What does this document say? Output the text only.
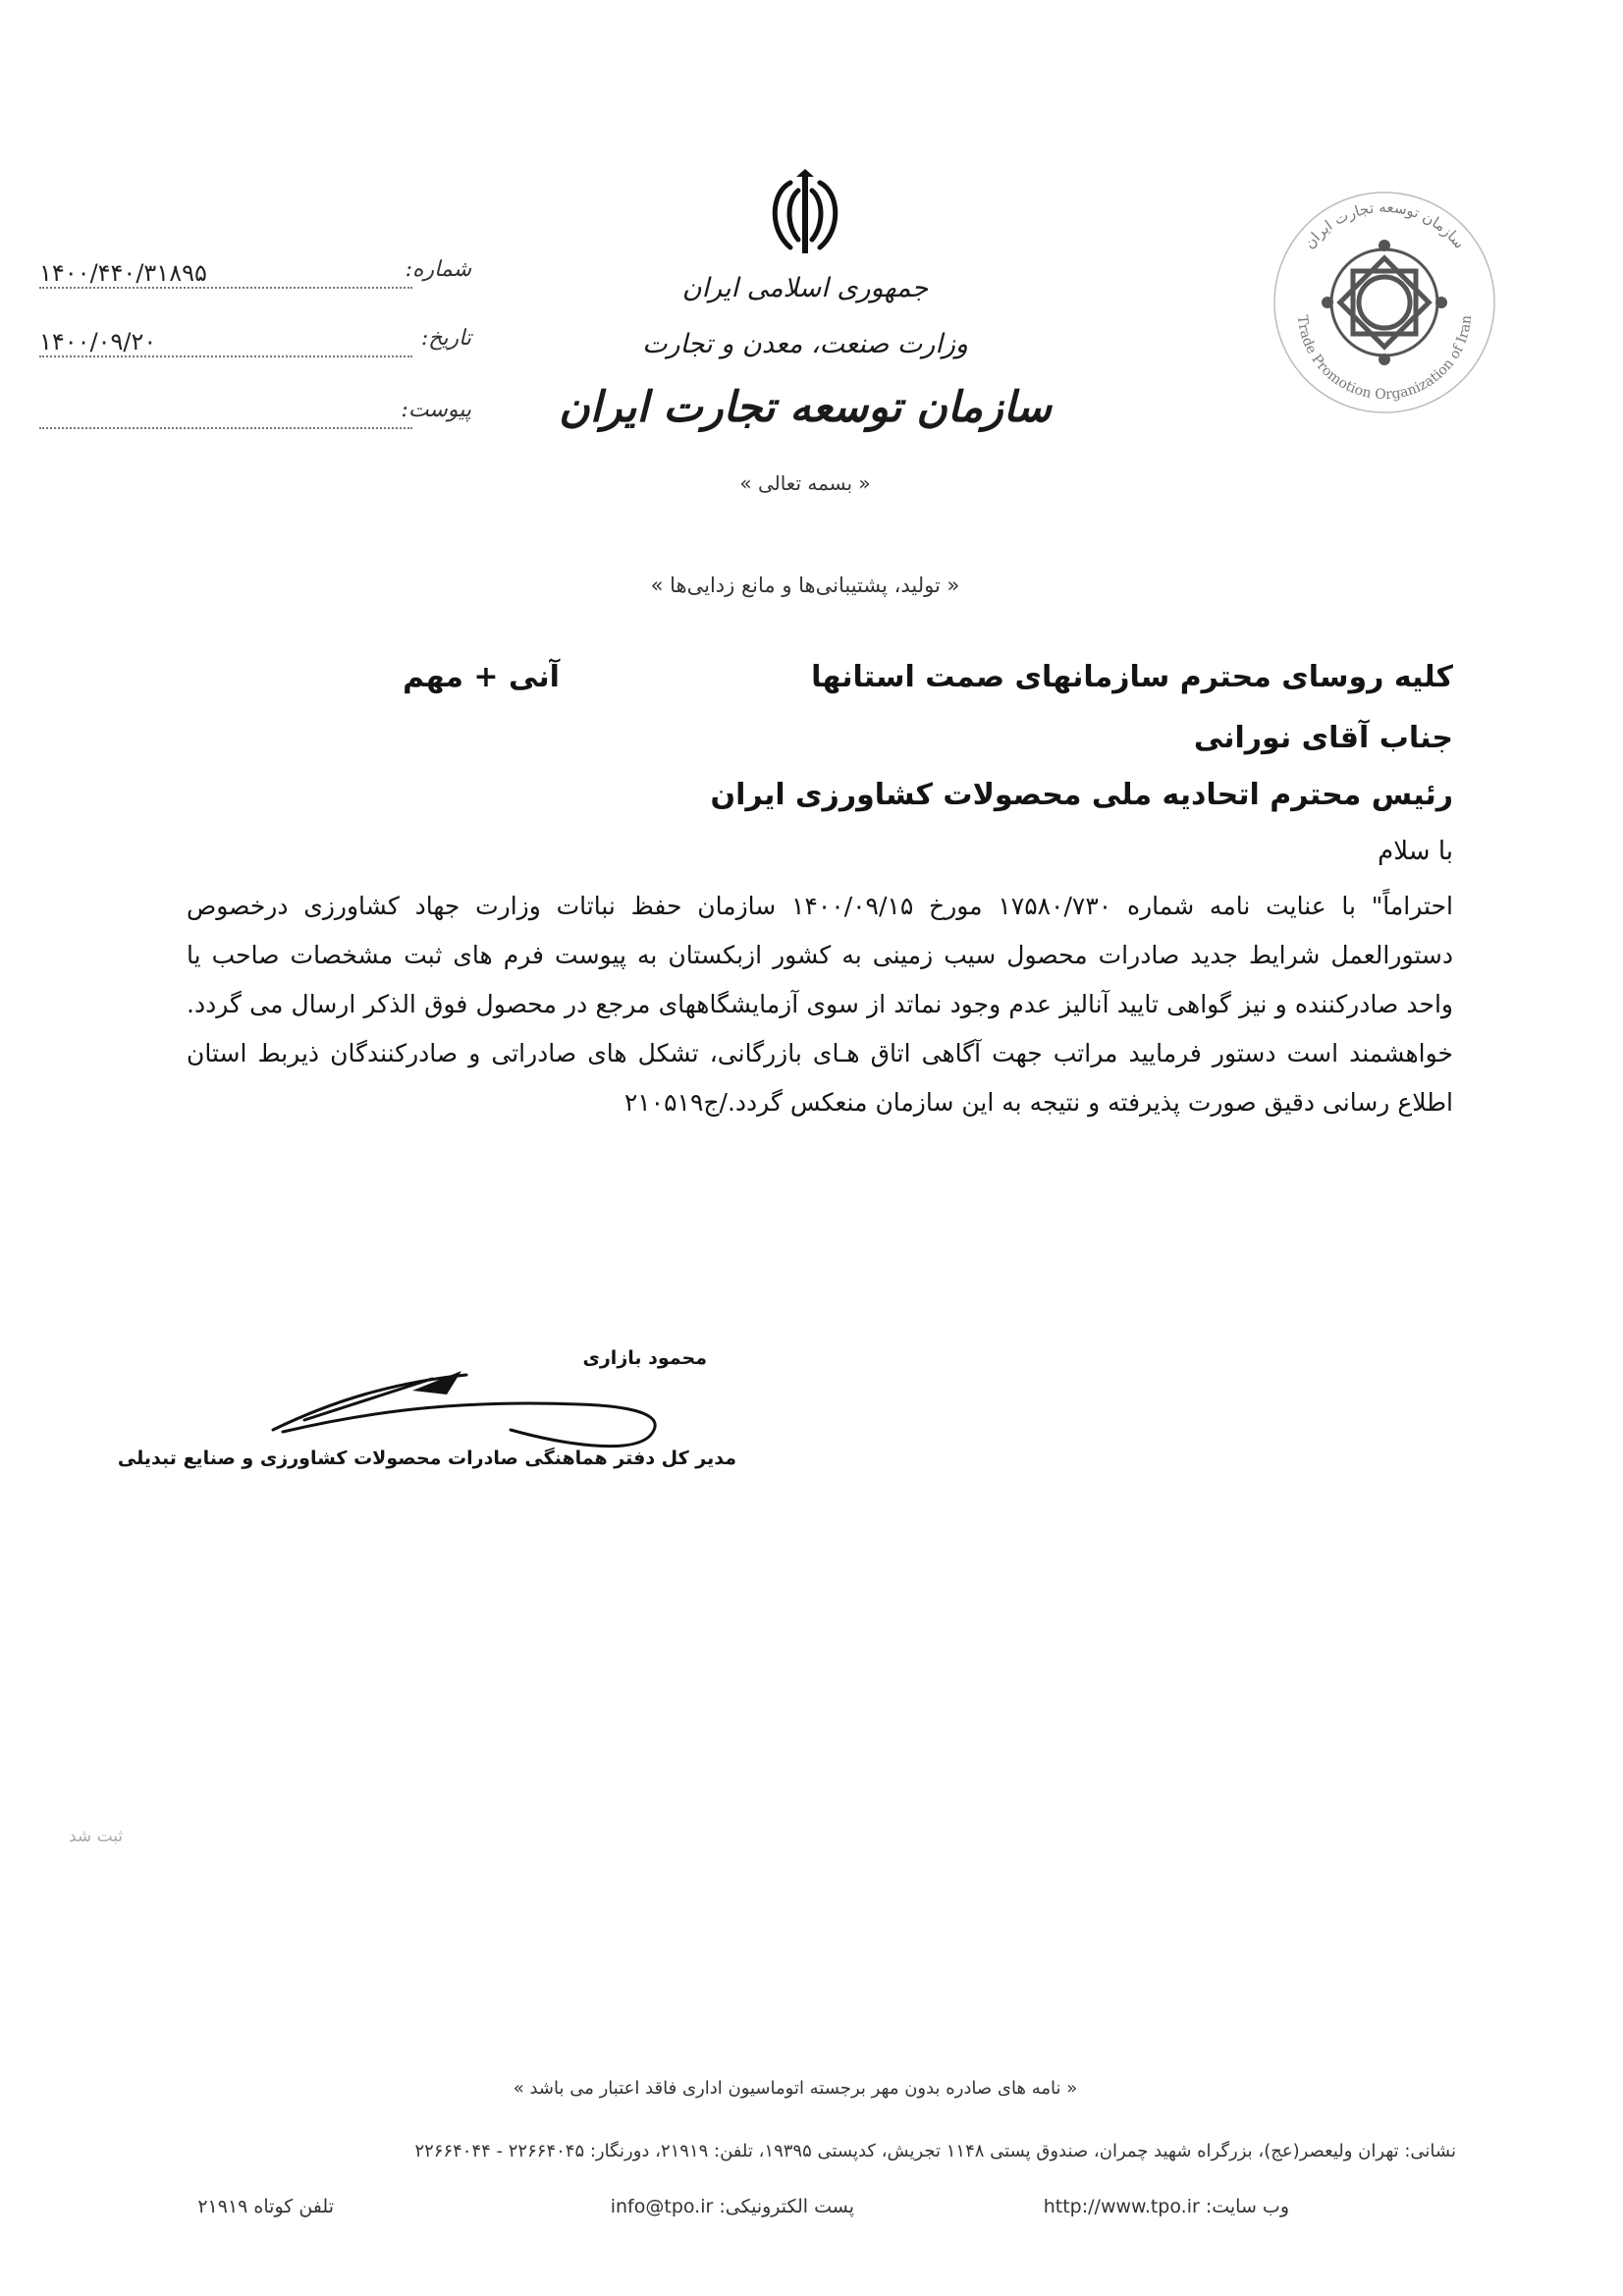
شماره:
۱۴۰۰/۴۴۰/۳۱۸۹۵
تاریخ:
۱۴۰۰/۰۹/۲۰
پیوست:
جمهوری اسلامی ایران
وزارت صنعت، معدن و تجارت
سازمان توسعه تجارت ایران
« بسمه تعالی »
سازمان توسعه تجارت ایران
Trade Promotion Organization of Iran
« تولید، پشتیبانی‌ها و مانع زدایی‌ها »

کلیه روسای محترم سازمانهای صمت استانها

آنی + مهم

جناب آقای نورانی

رئیس محترم اتحادیه ملی محصولات کشاورزی ایران

با سلام

احتراماً" با عنایت نامه شماره ۱۷۵۸۰/۷۳۰ مورخ ۱۴۰۰/۰۹/۱۵ سازمان حفظ نباتات وزارت جهاد کشاورزی درخصوص دستورالعمل شرایط جدید صادرات محصول سیب زمینی به کشور ازبکستان به پیوست فرم های ثبت مشخصات صاحب یا واحد صادرکننده و نیز گواهی تایید آنالیز عدم وجود نماتد از سوی آزمایشگاههای مرجع در محصول فوق الذکر ارسال می گردد. خواهشمند است دستور فرمایید مراتب جهت آگاهی اتاق هـای بازرگانی، تشکل های صادراتی و صادرکنندگان ذیربط استان اطلاع رسانی دقیق صورت پذیرفته و نتیجه به این سازمان منعکس گردد./ج۲۱۰۵۱۹

محمود بازاری
مدیر کل دفتر هماهنگی صادرات محصولات کشاورزی و صنایع تبدیلی
« نامه های صادره بدون مهر برجسته اتوماسیون اداری فاقد اعتبار می باشد »
نشانی: تهران ولیعصر(عج)، بزرگراه شهید چمران، صندوق پستی ۱۱۴۸ تجریش، کدپستی ۱۹۳۹۵، تلفن: ۲۱۹۱۹، دورنگار: ۲۲۶۶۴۰۴۵ - ۲۲۶۶۴۰۴۴
وب سایت: http://www.tpo.ir
پست الکترونیکی: info@tpo.ir
تلفن کوتاه ۲۱۹۱۹
ثبت شد
